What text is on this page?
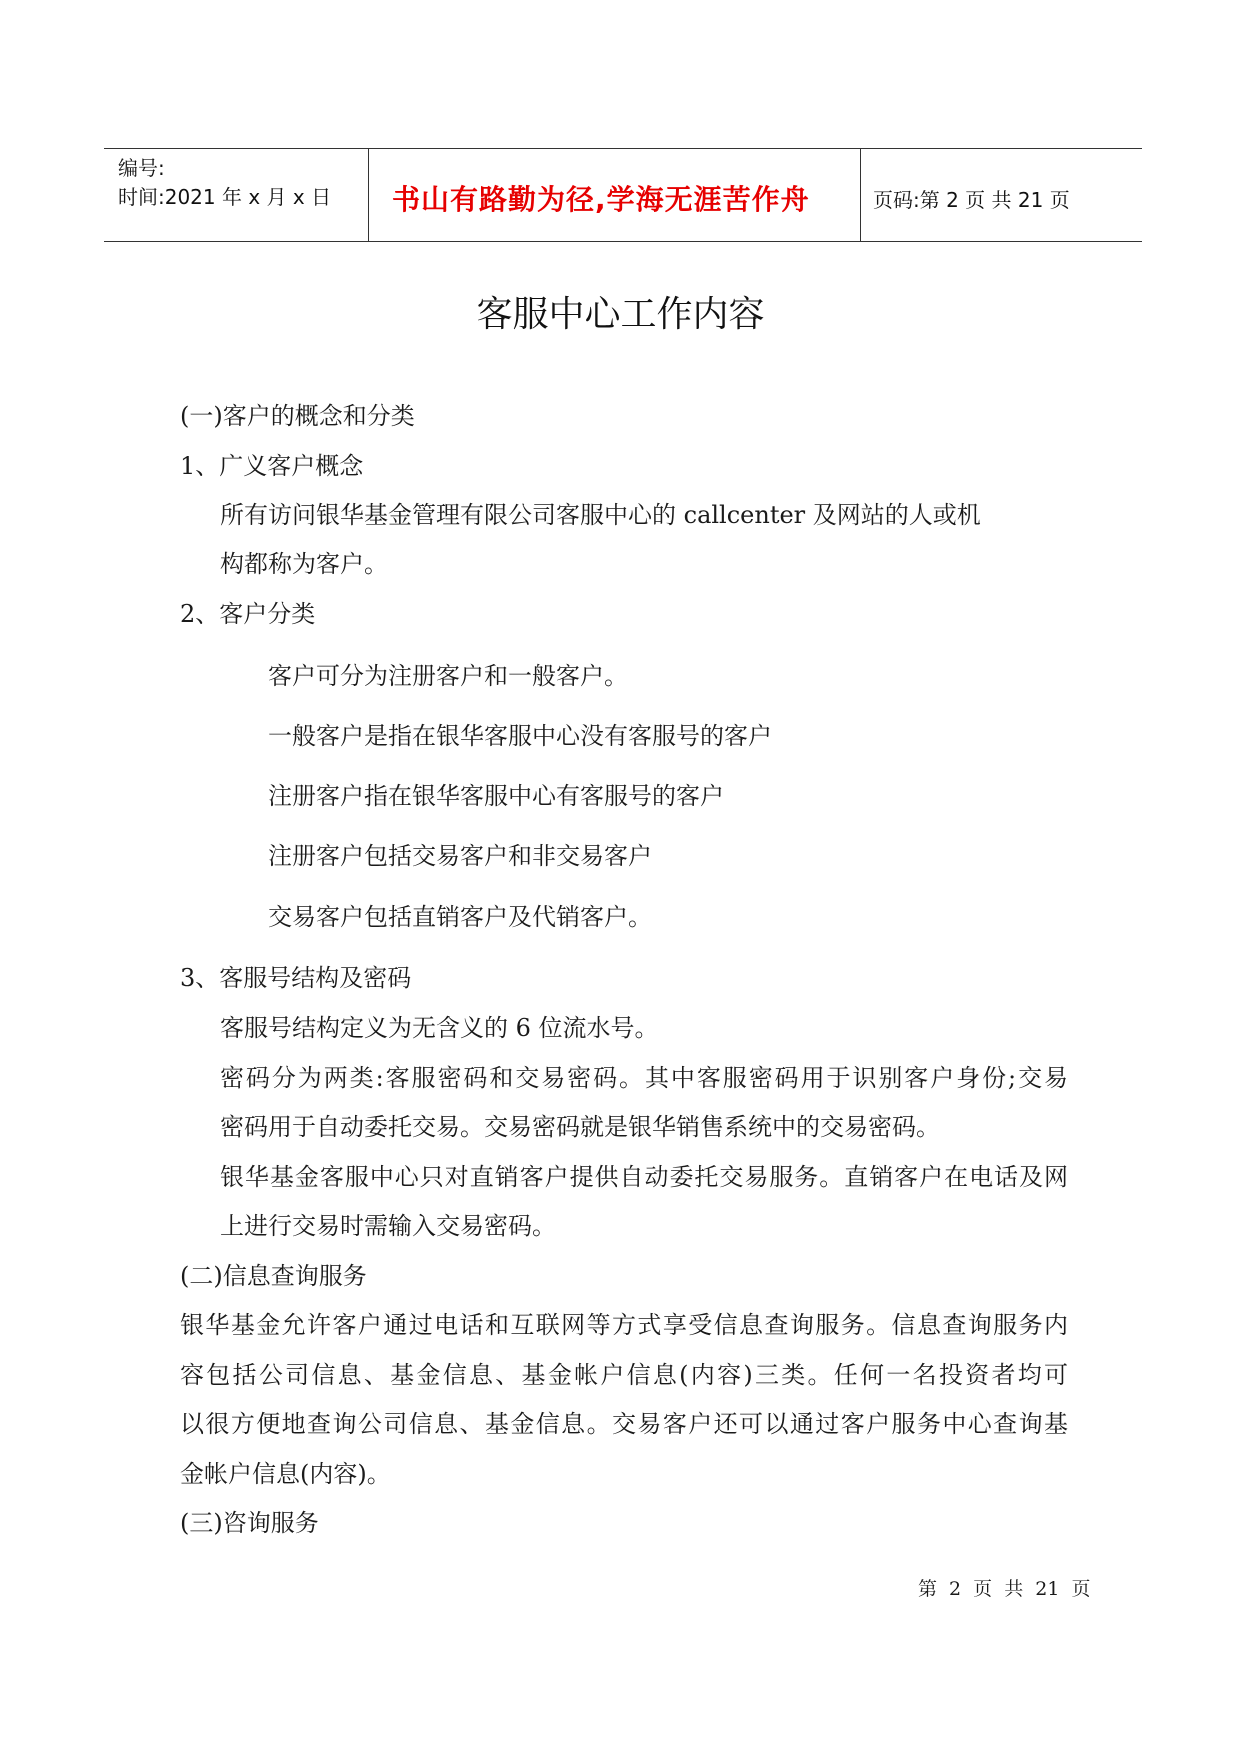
编号:
时间:2021 年 x 月 x 日 书山有路勤为径,学海无涯苦作舟	页码:第 2 页 共 21 页
客服中心工作内容
(一)客户的概念和分类
1、广义客户概念
所有访问银华基金管理有限公司客服中心的 callcenter 及网站的人或机
构都称为客户。
2、客户分类
客户可分为注册客户和一般客户。
一般客户是指在银华客服中心没有客服号的客户
注册客户指在银华客服中心有客服号的客户
注册客户包括交易客户和非交易客户
交易客户包括直销客户及代销客户。
3、客服号结构及密码
客服号结构定义为无含义的 6 位流水号。
密码分为两类:客服密码和交易密码。其中客服密码用于识别客户身份;交易
密码用于自动委托交易。交易密码就是银华销售系统中的交易密码。
银华基金客服中心只对直销客户提供自动委托交易服务。直销客户在电话及网
上进行交易时需输入交易密码。
(二)信息查询服务
银华基金允许客户通过电话和互联网等方式享受信息查询服务。信息查询服务内
容包括公司信息、基金信息、基金帐户信息(内容)三类。任何一名投资者均可
以很方便地查询公司信息、基金信息。交易客户还可以通过客户服务中心查询基
金帐户信息(内容)。
(三)咨询服务
第 2 页 共 21 页
